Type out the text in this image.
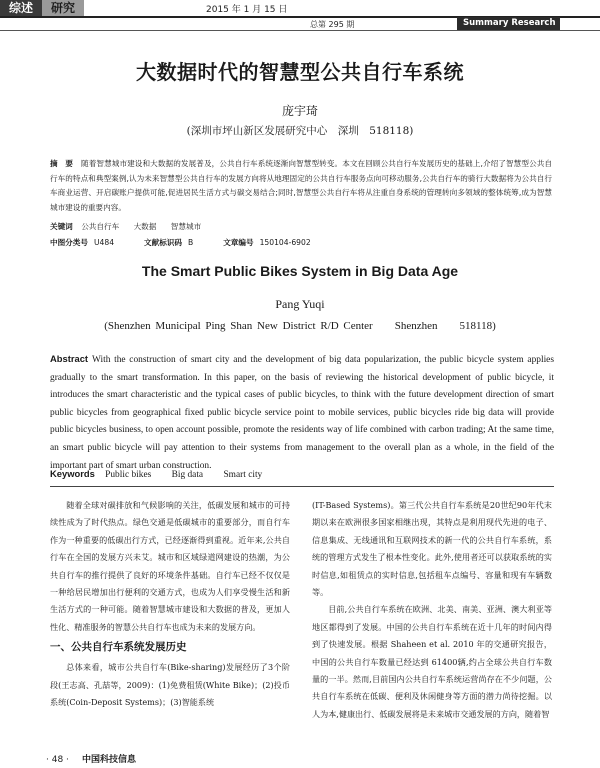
综述	研究	2015 年 1 月 15 日
总第 295 期	Summary Research
大数据时代的智慧型公共自行车系统
庞宇琦
(深圳市坪山新区发展研究中心　深圳　518118)
摘　要 随着智慧城市建设和大数据的发展普及，公共自行车系统逐渐向智慧型转变。本文在回顾公共自行车发展历史的基础上,介绍了智慧型公共自行车的特点和典型案例,认为未来智慧型公共自行车的发展方向将从地理固定的公共自行车服务点向可移动服务,公共自行车的骑行大数据将为公共自行车商业运营、开启碳账户提供可能,促进居民生活方式与碳交易结合;同时,智慧型公共自行车将从注重自身系统的管理转向多领域的整体统筹,成为智慧城市建设的重要内容。
关键词 公共自行车 大数据 智慧城市
中图分类号 U484	文献标识码 B	文章编号 150104-6902
The Smart Public Bikes System in Big Data Age
Pang Yuqi
(Shenzhen Municipal Ping Shan New District R/D Center　　Shenzhen　　518118)
Abstract With the construction of smart city and the development of big data popularization, the public bicycle system applies gradually to the smart transformation. In this paper, on the basis of reviewing the historical development of public bicycle, it introduces the smart characteristic and the typical cases of public bicycles, to think with the future development direction of smart public bicycles from geographical fixed public bicycle service point to mobile services, public bicycles ride big data will provide public bicycles business, to open account possible, promote the residents way of life combined with carbon trading; At the same time, an smart public bicycle will pay attention to their systems from management to the overall plan as a whole, in the field of the important part of smart urban construction.
Keywords Public bikes Big data Smart city

随着全球对碳排放和气候影响的关注，低碳发展和城市的可持续性成为了时代热点。绿色交通是低碳城市的重要部分，而自行车作为一种重要的低碳出行方式，已经逐渐得到重视。近年来,公共自行车在全国的发展方兴未艾。城市和区域绿道网建设的热潮，为公共自行车的推行提供了良好的环境条件基础。自行车已经不仅仅是一种给居民增加出行便利的交通方式，也成为人们享受慢生活和新生活方式的一种可能。随着智慧城市建设和大数据的普及，更加人性化、精准服务的智慧公共自行车也成为未来的发展方向。

一、公共自行车系统发展历史

总体来看，城市公共自行车(Bike-sharing)发展经历了3个阶段(王志高、孔喆等，2009)：(1)免费租赁(White Bike)；(2)投币系统(Coin-Deposit Systems)；(3)智能系统

(IT-Based Systems)。第三代公共自行车系统是20世纪90年代末期以来在欧洲很多国家相继出现，其特点是利用现代先进的电子、信息集成、无线通讯和互联网技术的新一代的公共自行车系统，系统的管理方式发生了根本性变化。此外,使用者还可以获取系统的实时信息,如租赁点的实时信息,包括租车点编号、容量和现有车辆数等。

目前,公共自行车系统在欧洲、北美、南美、亚洲、澳大利亚等地区都得到了发展。中国的公共自行车系统在近十几年的时间内得到了快速发展。根据 Shaheen et al. 2010 年的交通研究报告，中国的公共自行车数量已经达到 61400辆,约占全球公共自行车数量的一半。然而,目前国内公共自行车系统运营尚存在不少问题，公共自行车系统在低碳、便利及休闲健身等方面的潜力尚待挖掘。以人为本,健康出行、低碳发展将是未来城市交通发展的方向，随着智

· 48 · 中国科技信息
